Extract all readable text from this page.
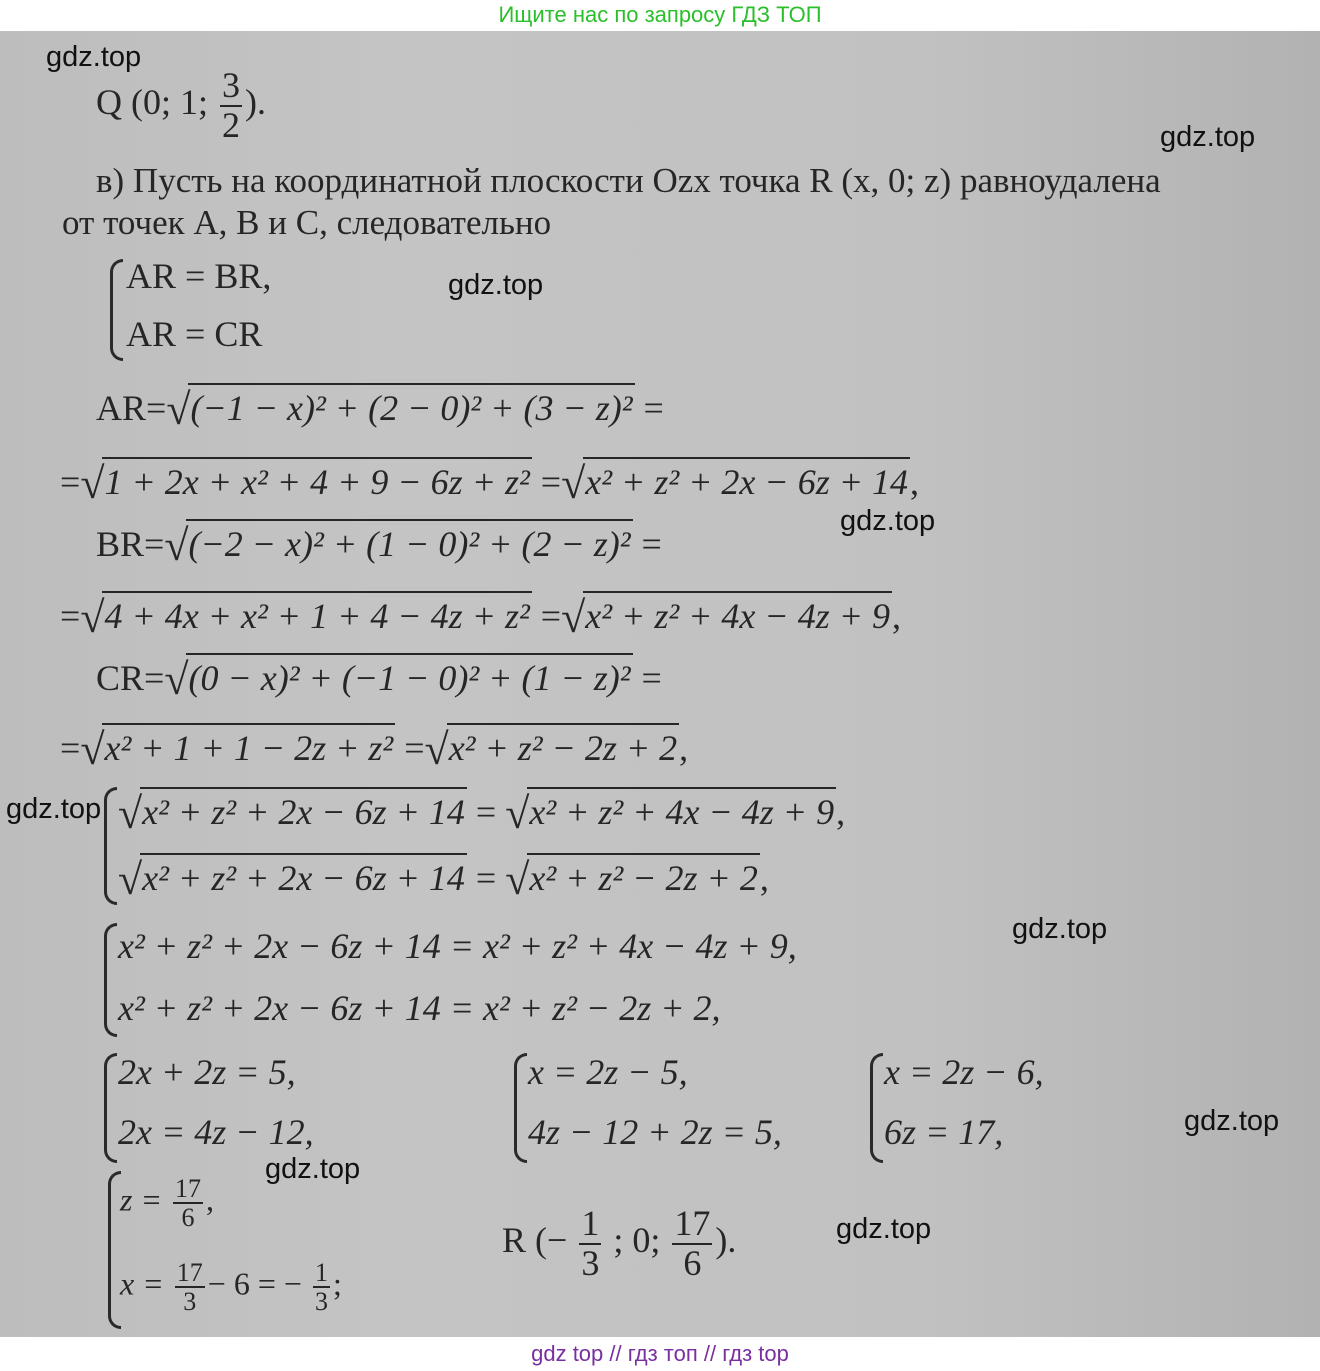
Ищите нас по запросу ГДЗ ТОП
gdz.top
gdz.top
gdz.top
gdz.top
gdz.top
gdz.top
gdz.top
gdz.top
gdz.top
Q (0; 1; $\frac{3}{2}$ ).
в) Пусть на координатной плоскости Ozx точка R (x, 0; z) равноудалена
от точек A, B и C, следовательно
AR = BR,
AR = CR
AR=√(−1 − x)² + (2 − 0)² + (3 − z)² =
=√1 + 2x + x² + 4 + 9 − 6z + z² =√x² + z² + 2x − 6z + 14,
BR=√(−2 − x)² + (1 − 0)² + (2 − z)² =
=√4 + 4x + x² + 1 + 4 − 4z + z² =√x² + z² + 4x − 4z + 9,
CR=√(0 − x)² + (−1 − 0)² + (1 − z)² =
=√x² + 1 + 1 − 2z + z² =√x² + z² − 2z + 2,
√x² + z² + 2x − 6z + 14 = √x² + z² + 4x − 4z + 9,
√x² + z² + 2x − 6z + 14 = √x² + z² − 2z + 2,
x² + z² + 2x − 6z + 14 = x² + z² + 4x − 4z + 9,
x² + z² + 2x − 6z + 14 = x² + z² − 2z + 2,
2x + 2z = 5,
2x = 4z − 12,
x = 2z − 5,
4z − 12 + 2z = 5,
x = 2z − 6,
6z = 17,
$z = \frac{17}{6}$ ,
$x = \frac{17}{3} - 6$ = − $\frac{1}{3}$ ;
R (− $\frac{1}{3}$ ; 0; $\frac{17}{6}$ ).
gdz top // гдз топ // гдз top
